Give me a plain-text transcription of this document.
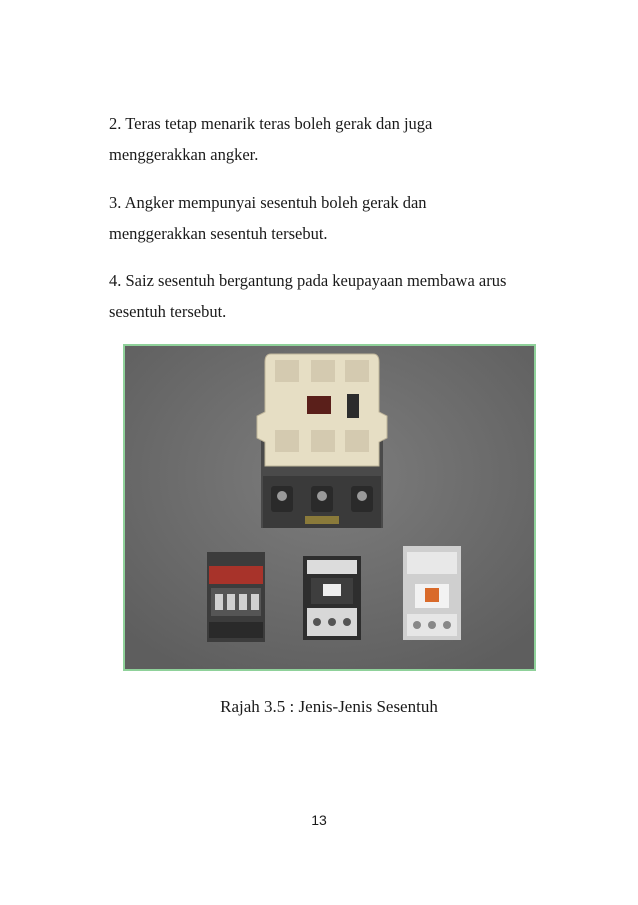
2. Teras tetap menarik teras boleh gerak dan juga
menggerakkan angker.

3. Angker mempunyai sesentuh boleh gerak dan
menggerakkan sesentuh tersebut.

4. Saiz sesentuh bergantung pada keupayaan membawa arus
sesentuh tersebut.

Rajah 3.5 : Jenis-Jenis Sesentuh

13
